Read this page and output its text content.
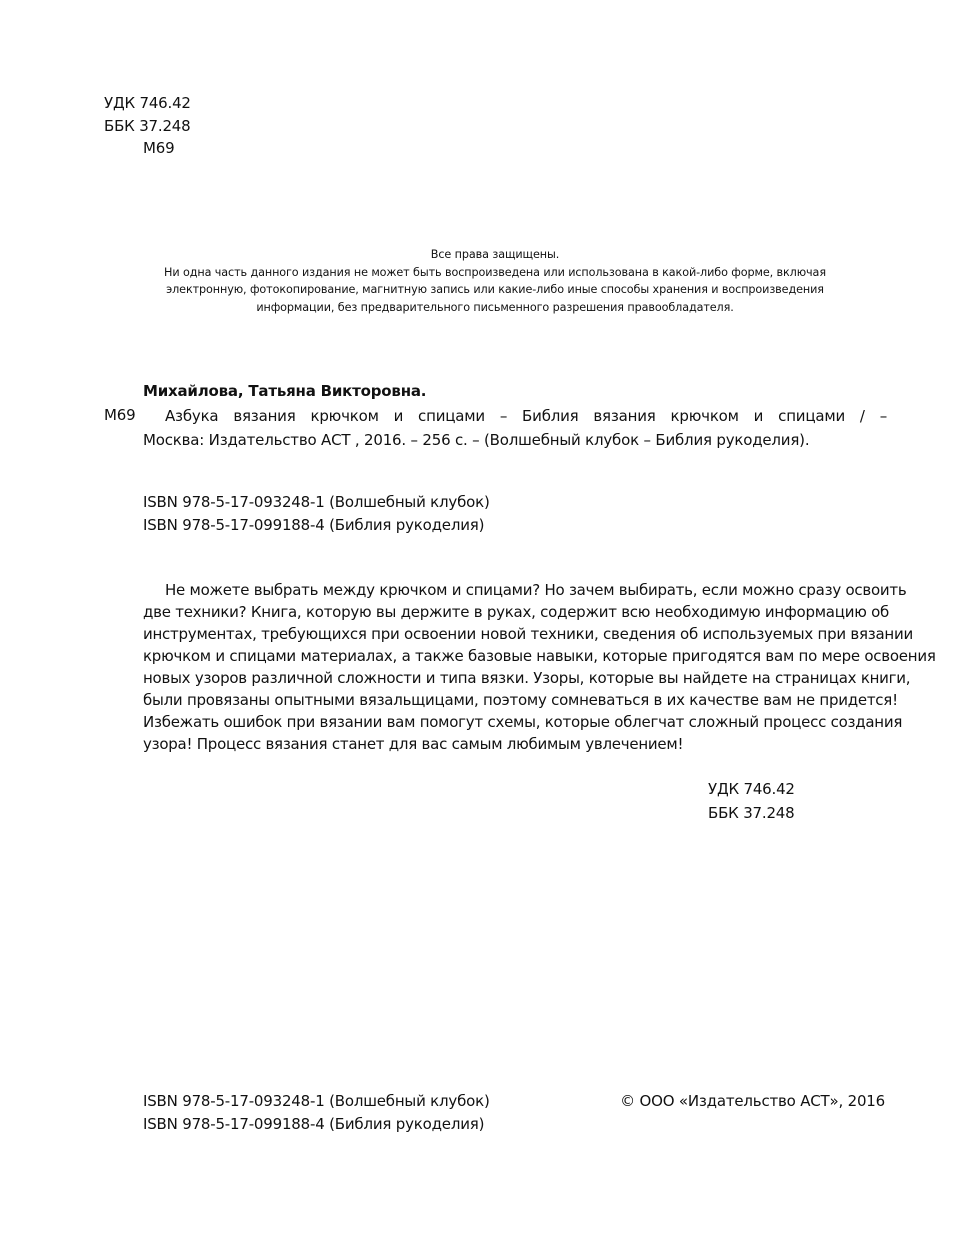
УДК 746.42
ББК 37.248
М69
Все права защищены.
Ни одна часть данного издания не может быть воспроизведена или использована в какой-либо форме, включая
электронную, фотокопирование, магнитную запись или какие-либо иные способы хранения и воспроизведения
информации, без предварительного письменного разрешения правообладателя.
Михайлова, Татьяна Викторовна.
М69	Азбука вязания крючком и спицами – Библия вязания крючком и спицами / –
Москва: Издательство АСТ , 2016. – 256 с. – (Волшебный клубок – Библия рукоделия).
ISBN 978-5-17-093248-1 (Волшебный клубок)
ISBN 978-5-17-099188-4 (Библия рукоделия)
Не можете выбрать между крючком и спицами? Но зачем выбирать, если можно сразу освоить
две техники? Книга, которую вы держите в руках, содержит всю необходимую информацию об
инструментах, требующихся при освоении новой техники, сведения об используемых при вязании
крючком и спицами материалах, а также базовые навыки, которые пригодятся вам по мере освоения
новых узоров различной сложности и типа вязки. Узоры, которые вы найдете на страницах книги,
были провязаны опытными вязальщицами, поэтому сомневаться в их качестве вам не придется!
Избежать ошибок при вязании вам помогут схемы, которые облегчат сложный процесс создания
узора! Процесс вязания станет для вас самым любимым увлечением!
УДК 746.42
ББК 37.248
ISBN 978-5-17-093248-1 (Волшебный клубок)
ISBN 978-5-17-099188-4 (Библия рукоделия)
© ООО «Издательство АСТ», 2016
